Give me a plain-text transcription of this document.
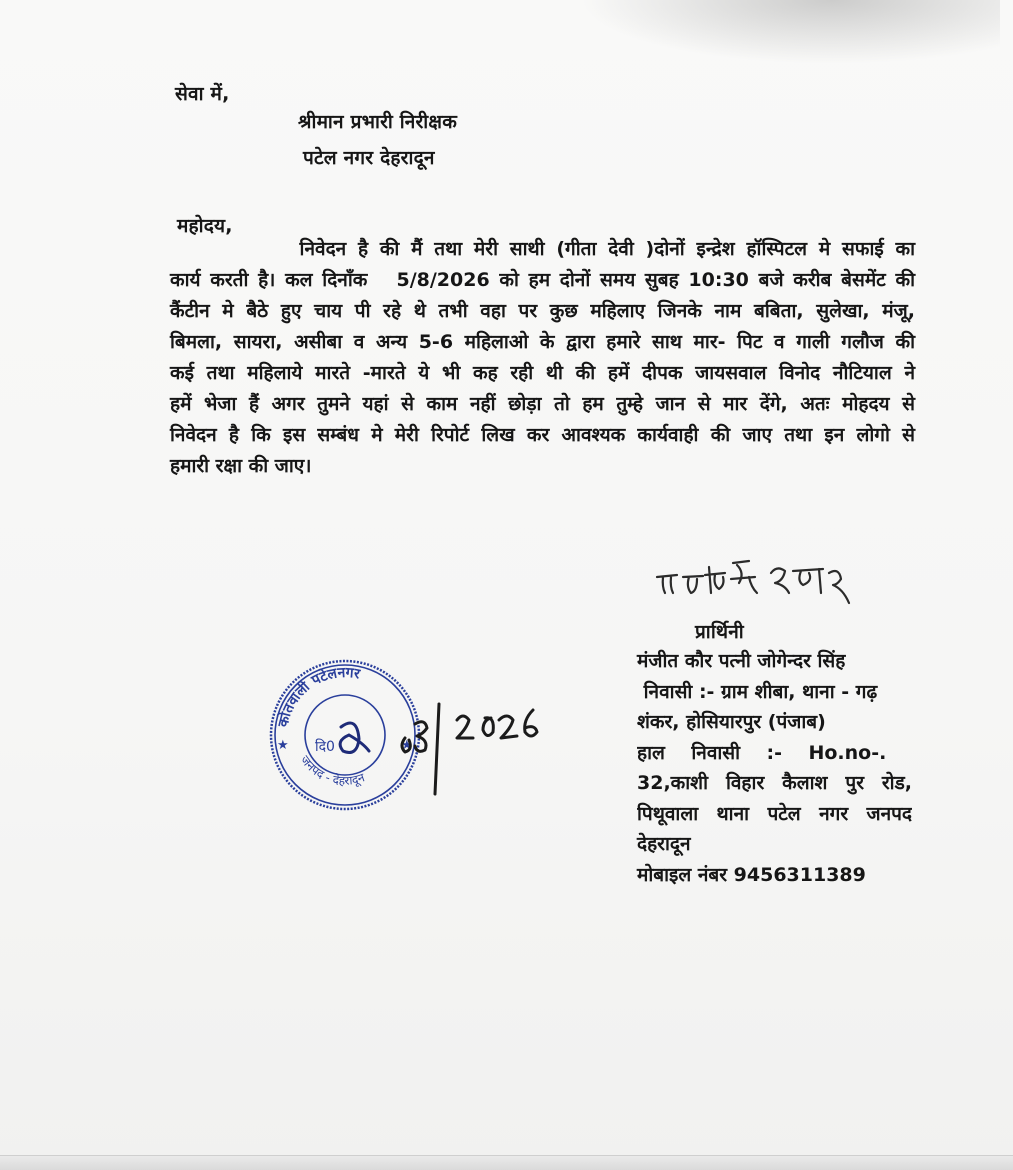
सेवा में,
श्रीमान प्रभारी निरीक्षक
पटेल नगर देहरादून
महोदय,
निवेदन है की मैं तथा मेरी साथी (गीता देवी )दोनों इन्द्रेश हॉस्पिटल मे सफाई का
कार्य करती है। कल दिनाँक   5/8/2026 को हम दोनों समय सुबह 10:30 बजे करीब बेसमेंट की
कैंटीन मे बैठे हुए चाय पी रहे थे तभी वहा पर कुछ महिलाए जिनके नाम बबिता, सुलेखा, मंजू,
बिमला, सायरा, असीबा व अन्य 5-6 महिलाओ के द्वारा हमारे साथ मार- पिट व गाली गलौज की
कई तथा महिलाये मारते -मारते ये भी कह रही थी की हमें दीपक जायसवाल विनोद नौटियाल ने
हमें भेजा हैं अगर तुमने यहां से काम नहीं छोड़ा तो हम तुम्हे जान से मार देंगे, अतः मोहदय से
निवेदन है कि इस सम्बंध मे मेरी रिपोर्ट लिख कर आवश्यक कार्यवाही की जाए तथा इन लोगो से
हमारी रक्षा की जाए।
प्रार्थिनी
मंजीत कौर पत्नी जोगेन्दर सिंह
निवासी :- ग्राम शीबा, थाना - गढ़
शंकर, होसियारपुर (पंजाब)
हाल    निवासी    :-    Ho.no-.
32,काशी विहार कैलाश पुर रोड,
पिथूवाला थाना पटेल नगर जनपद
देहरादून
मोबाइल नंबर 9456311389
कोतवाली पटेलनगर
जनपद - देहरादून
★	★
दि0
